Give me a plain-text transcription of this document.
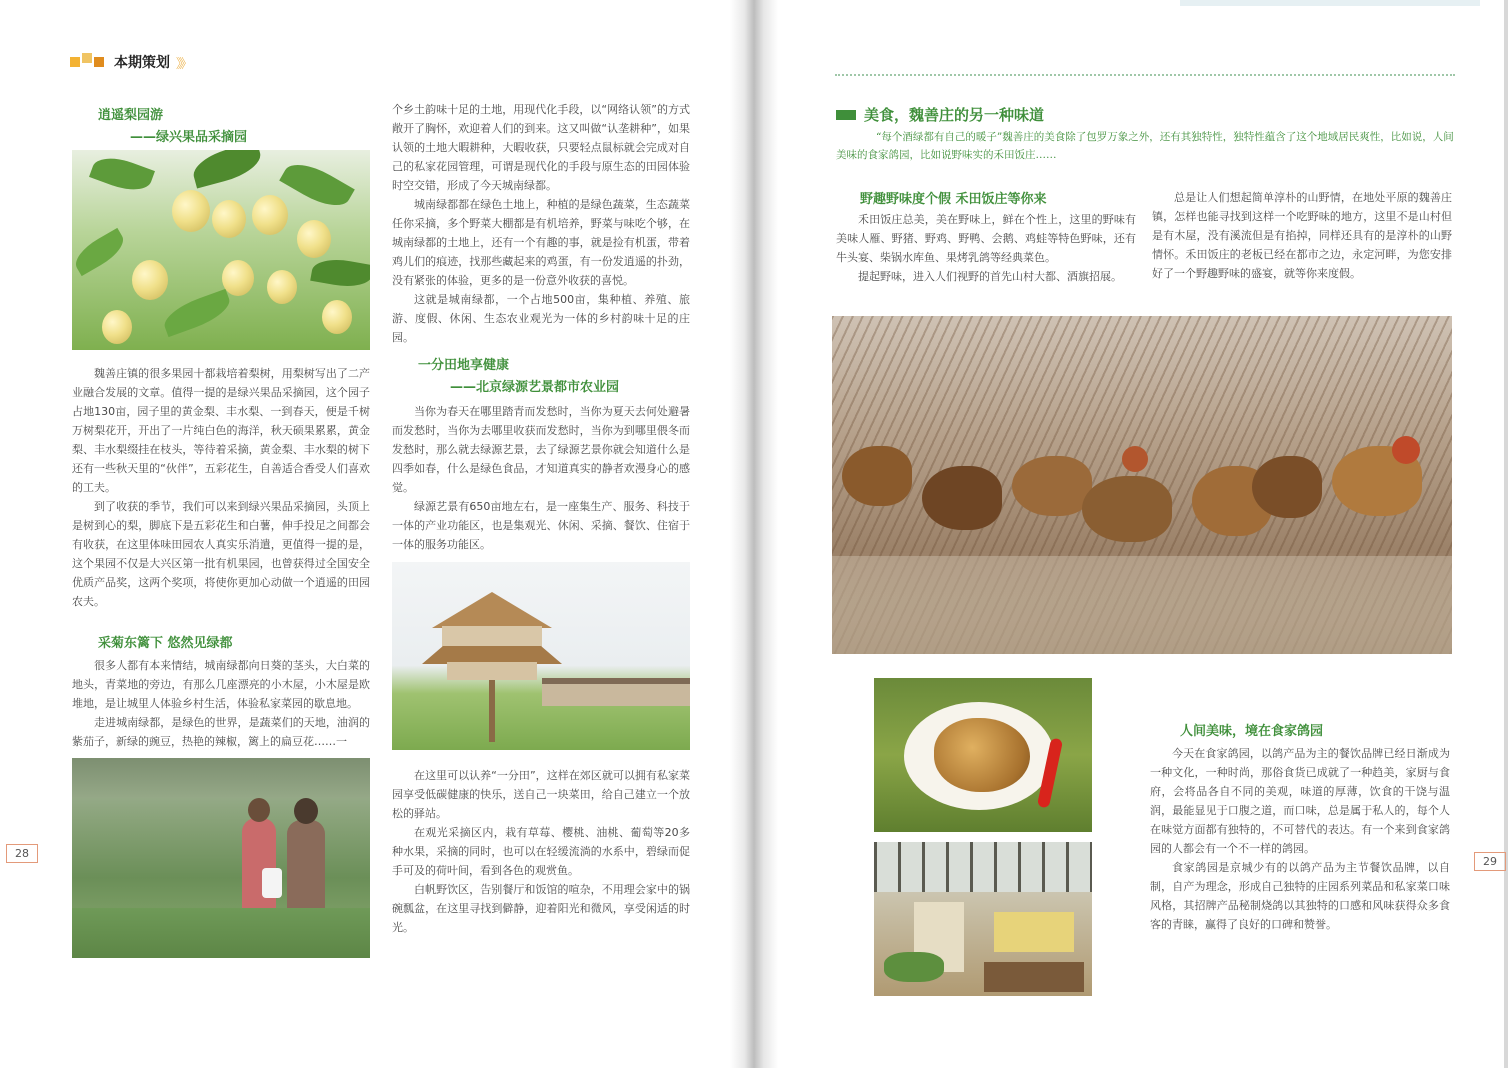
本期策划 》》
逍遥梨园游
——绿兴果品采摘园

魏善庄镇的很多果园十都栽培着梨树，用梨树写出了二产业融合发展的文章。值得一提的是绿兴果品采摘园，这个园子占地130亩，园子里的黄金梨、丰水梨、一到春天，便是千树万树梨花开，开出了一片纯白色的海洋，秋天硕果累累，黄金梨、丰水梨缀挂在枝头，等待着采摘，黄金梨、丰水梨的树下还有一些秋天里的“伙伴”，五彩花生，自善适合香受人们喜欢的工夫。

到了收获的季节，我们可以来到绿兴果品采摘园，头顶上是树到心的梨，脚底下是五彩花生和白薯，伸手投足之间都会有收获，在这里体味田园农人真实乐消遣，更值得一提的是，这个果园不仅是大兴区第一批有机果园，也曾获得过全国安全优质产品奖，这两个奖项，将使你更加心动做一个逍遥的田园农夫。

采菊东篱下 悠然见绿都

很多人都有本来情结，城南绿都向日葵的茎头，大白菜的地头，青菜地的旁边，有那么几座漂亮的小木屋，小木屋是欧堆地，是让城里人体验乡村生活，体验私家菜园的歇息地。

走进城南绿都，是绿色的世界，是蔬菜们的天地，油润的紫茄子，新绿的豌豆，热艳的辣椒，篱上的扁豆花……一

个乡土韵味十足的土地，用现代化手段，以“网络认领”的方式敞开了胸怀，欢迎着人们的到来。这又叫做“认垄耕种”，如果认领的土地大暇耕种，大暇收获，只要轻点鼠标就会完成对自己的私家花园管理，可谓是现代化的手段与原生态的田园体验时空交错，形成了今天城南绿都。

城南绿都都在绿色土地上，种植的是绿色蔬菜，生态蔬菜任你采摘，多个野菜大棚都是有机培养，野菜与味吃个够，在城南绿都的土地上，还有一个有趣的事，就是捡有机蛋，带着鸡儿们的痕迹，找那些藏起来的鸡蛋，有一份发逍遥的扑劲，没有紧张的体验，更多的是一份意外收获的喜悦。

这就是城南绿都，一个占地500亩，集种植、养殖、旅游、度假、休闲、生态农业观光为一体的乡村韵味十足的庄园。

一分田地享健康
——北京绿源艺景都市农业园

当你为春天在哪里踏青而发愁时，当你为夏天去何处避暑而发愁时，当你为去哪里收获而发愁时，当你为到哪里偎冬而发愁时，那么就去绿源艺景，去了绿源艺景你就会知道什么是四季如春，什么是绿色食品，才知道真实的静者欢漫身心的感觉。

绿源艺景有650亩地左右，是一座集生产、服务、科技于一体的产业功能区，也是集观光、休闲、采摘、餐饮、住宿于一体的服务功能区。

在这里可以认养“一分田”，这样在郊区就可以拥有私家菜园享受低碳健康的快乐，送自己一块菜田，给自己建立一个放松的驿站。

在观光采摘区内，栽有草莓、樱桃、油桃、葡萄等20多种水果，采摘的同时，也可以在轻缓流淌的水系中，碧绿而促手可及的荷叶间，看到各色的观赏鱼。

白帆野饮区，告别餐厅和饭馆的喧杂，不用理会家中的锅碗瓢盆，在这里寻找到僻静，迎着阳光和微风，享受闲适的时光。

28
美食，魏善庄的另一种味道
“每个酒绿都有自己的暖子”魏善庄的美食除了包罗万象之外，还有其独特性，独特性蕴含了这个地域居民爽性，比如说，人间美味的食家鸽园，比如说野味实的禾田饭庄……
野趣野味度个假 禾田饭庄等你来

禾田饭庄总美，美在野味上，鲜在个性上，这里的野味有美味人雁、野猪、野鸡、野鸭、会鹅、鸡蛙等特色野味，还有牛头宴、柴锅水库鱼、果烤乳鸽等经典菜色。

提起野味，进入人们视野的首先山村大都、酒旗招展。

总是让人们想起简单淳朴的山野情，在地处平原的魏善庄镇，怎样也能寻找到这样一个吃野味的地方，这里不是山村但是有木屋，没有溪流但是有掐掉，同样还具有的是淳朴的山野情怀。禾田饭庄的老板已经在都市之边，永定河畔，为您安排好了一个野趣野味的盛宴，就等你来度假。

人间美味，境在食家鸽园

今天在食家鸽园，以鸽产品为主的餐饮品牌已经日渐成为一种文化，一种时尚，那俗食货已成就了一种趋美，家厨与食府，会将品各自不同的美观，味道的厚薄，饮食的干饶与温润，最能显见于口腹之道，而口味，总是属于私人的，每个人在味觉方面都有独特的，不可替代的表达。有一个来到食家鸽园的人都会有一个不一样的鸽园。

食家鸽园是京城少有的以鸽产品为主节餐饮品牌，以自制，自产为理念，形成自己独特的庄园系列菜品和私家菜口味风格，其招牌产品秘制烧鸽以其独特的口感和风味获得众多食客的青睐，赢得了良好的口碑和赞誉。

29
